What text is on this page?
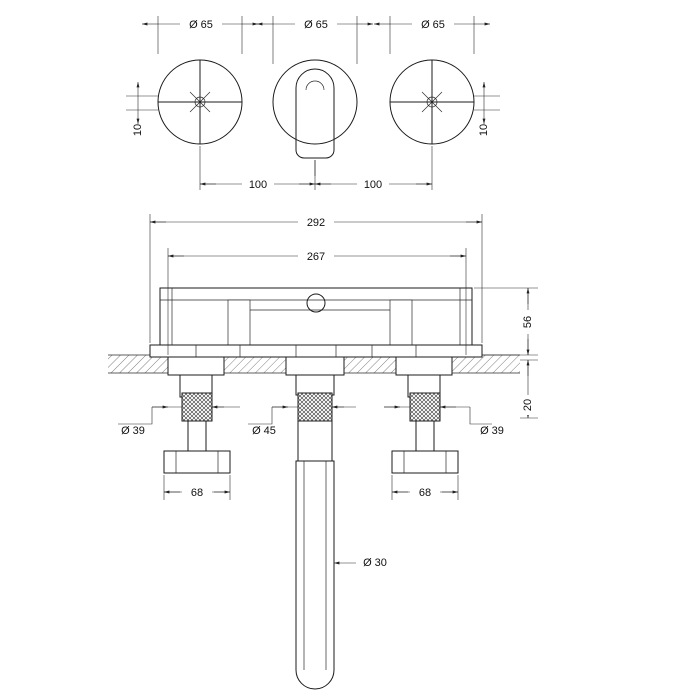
Ø 65	Ø 65	Ø 65
10	10
100	100
292
267
56
20
Ø 39	Ø 45	Ø 39
68	68
Ø 30
